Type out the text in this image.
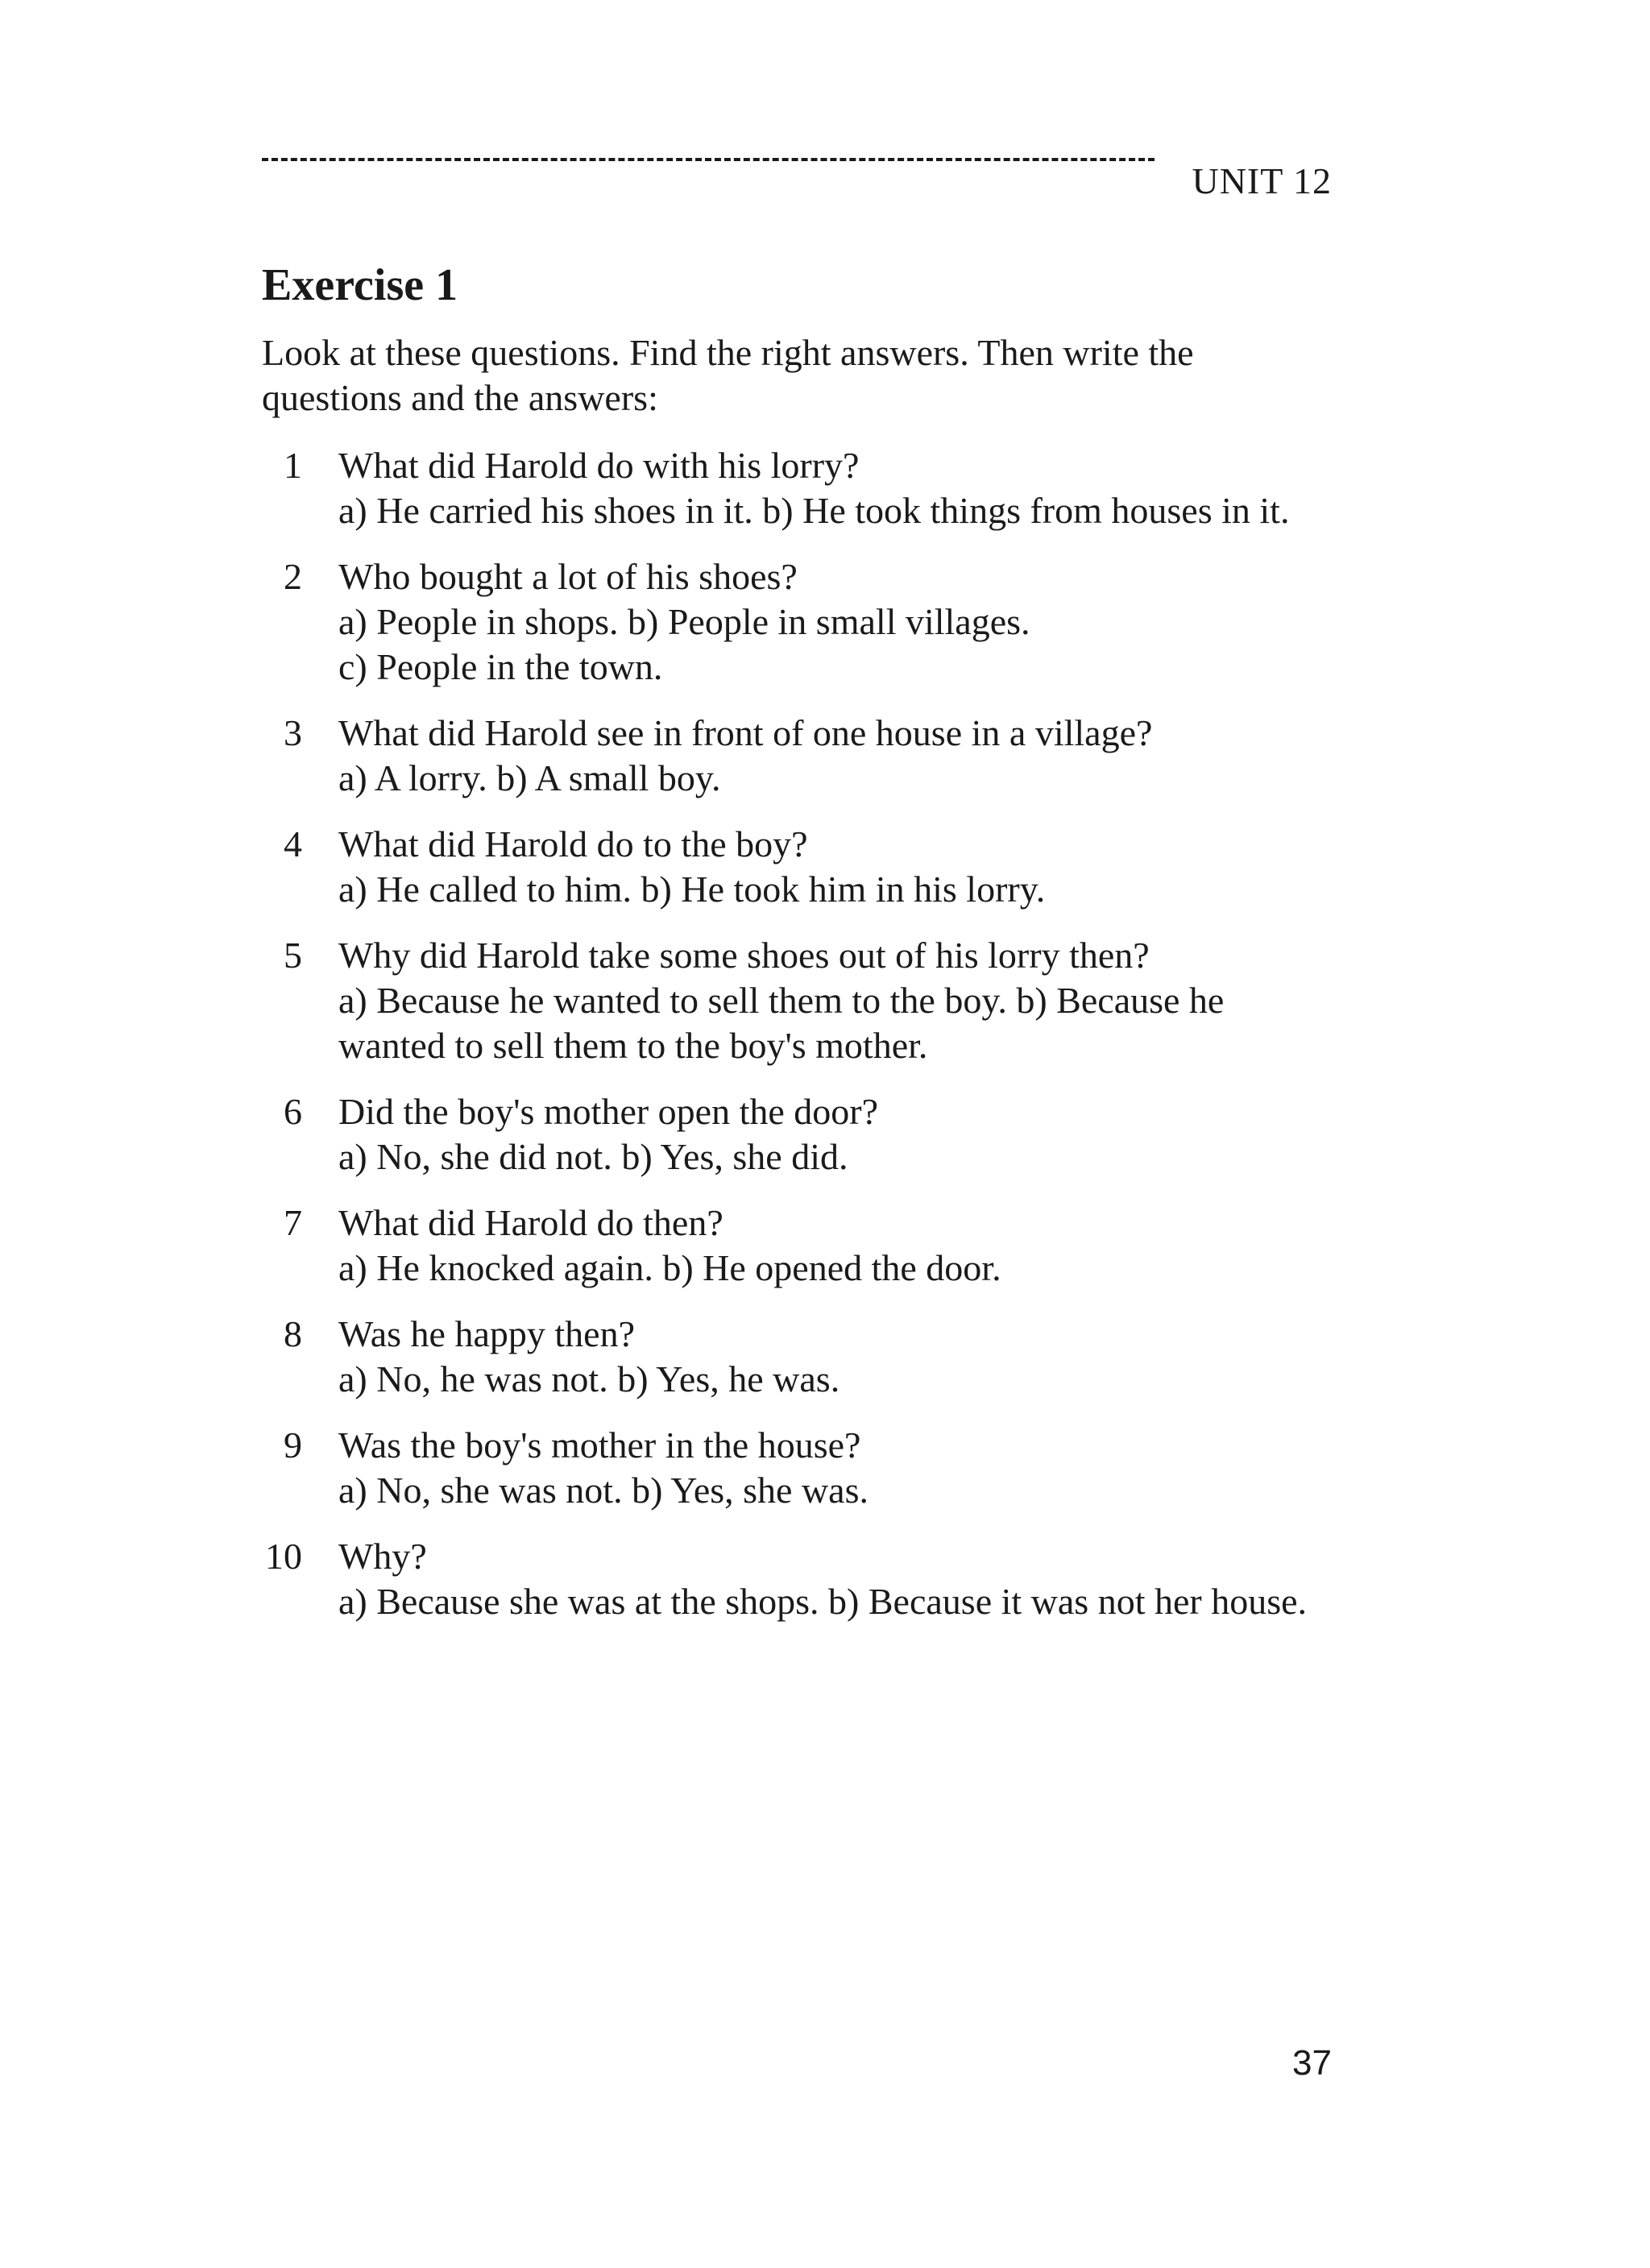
UNIT 12
Exercise 1
Look at these questions. Find the right answers. Then write the questions and the answers:
1 What did Harold do with his lorry?
a) He carried his shoes in it. b) He took things from houses in it.
2 Who bought a lot of his shoes?
a) People in shops. b) People in small villages.
c) People in the town.
3 What did Harold see in front of one house in a village?
a) A lorry. b) A small boy.
4 What did Harold do to the boy?
a) He called to him. b) He took him in his lorry.
5 Why did Harold take some shoes out of his lorry then?
a) Because he wanted to sell them to the boy. b) Because he wanted to sell them to the boy's mother.
6 Did the boy's mother open the door?
a) No, she did not. b) Yes, she did.
7 What did Harold do then?
a) He knocked again. b) He opened the door.
8 Was he happy then?
a) No, he was not. b) Yes, he was.
9 Was the boy's mother in the house?
a) No, she was not. b) Yes, she was.
10 Why?
a) Because she was at the shops. b) Because it was not her house.
37
